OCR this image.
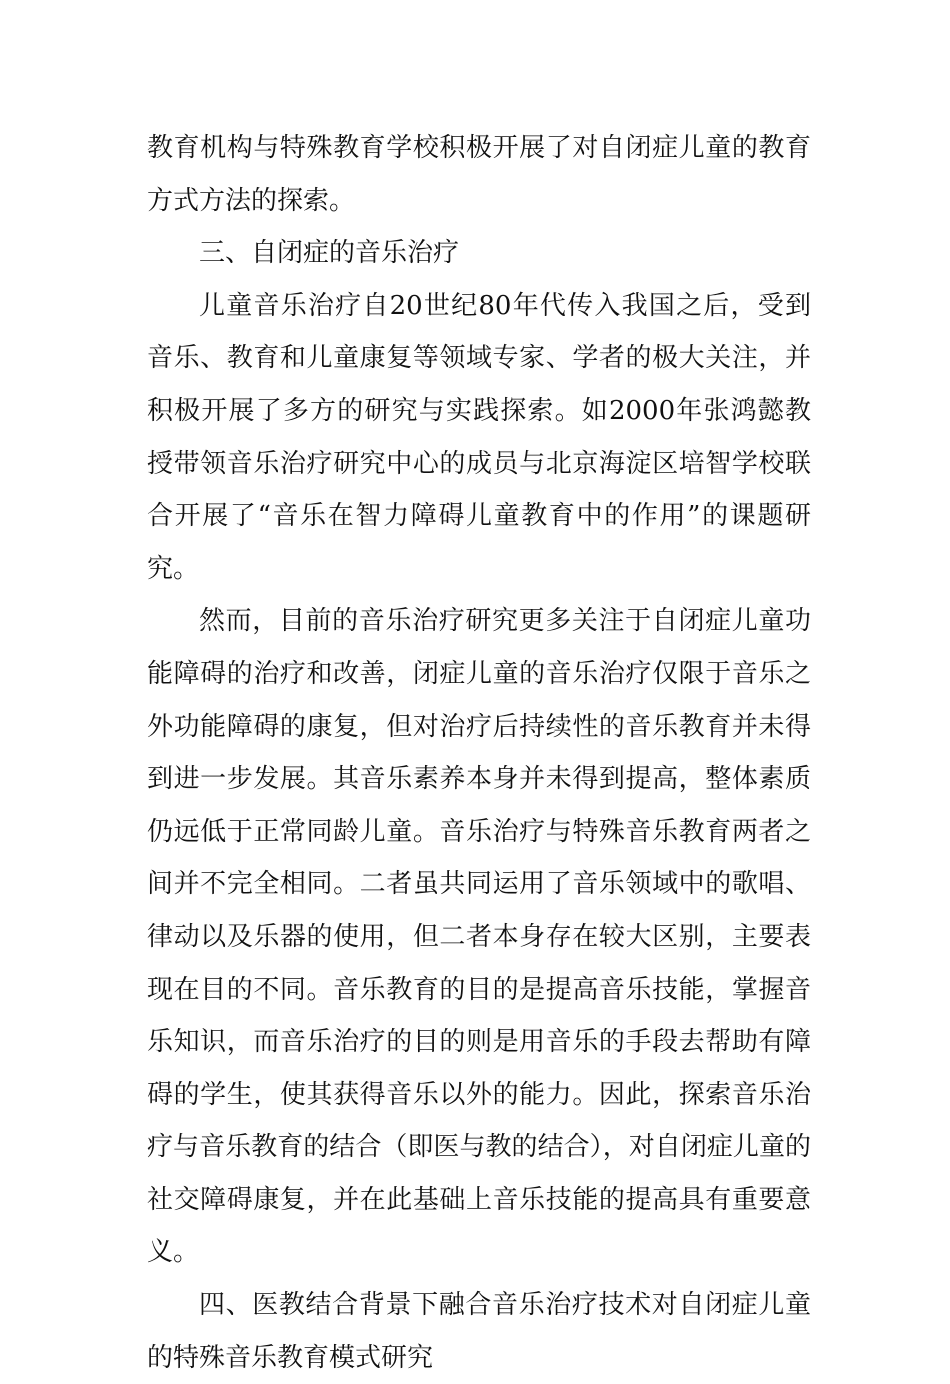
教育机构与特殊教育学校积极开展了对自闭症儿童的教育方式方法的探索。

三、自闭症的音乐治疗

儿童音乐治疗自20世纪80年代传入我国之后，受到音乐、教育和儿童康复等领域专家、学者的极大关注，并积极开展了多方的研究与实践探索。如2000年张鸿懿教授带领音乐治疗研究中心的成员与北京海淀区培智学校联合开展了“音乐在智力障碍儿童教育中的作用”的课题研究。

然而，目前的音乐治疗研究更多关注于自闭症儿童功能障碍的治疗和改善，闭症儿童的音乐治疗仅限于音乐之外功能障碍的康复，但对治疗后持续性的音乐教育并未得到进一步发展。其音乐素养本身并未得到提高，整体素质仍远低于正常同龄儿童。音乐治疗与特殊音乐教育两者之间并不完全相同。二者虽共同运用了音乐领域中的歌唱、律动以及乐器的使用，但二者本身存在较大区别，主要表现在目的不同。音乐教育的目的是提高音乐技能，掌握音乐知识，而音乐治疗的目的则是用音乐的手段去帮助有障碍的学生，使其获得音乐以外的能力。因此，探索音乐治疗与音乐教育的结合（即医与教的结合），对自闭症儿童的社交障碍康复，并在此基础上音乐技能的提高具有重要意义。

四、医教结合背景下融合音乐治疗技术对自闭症儿童的特殊音乐教育模式研究
